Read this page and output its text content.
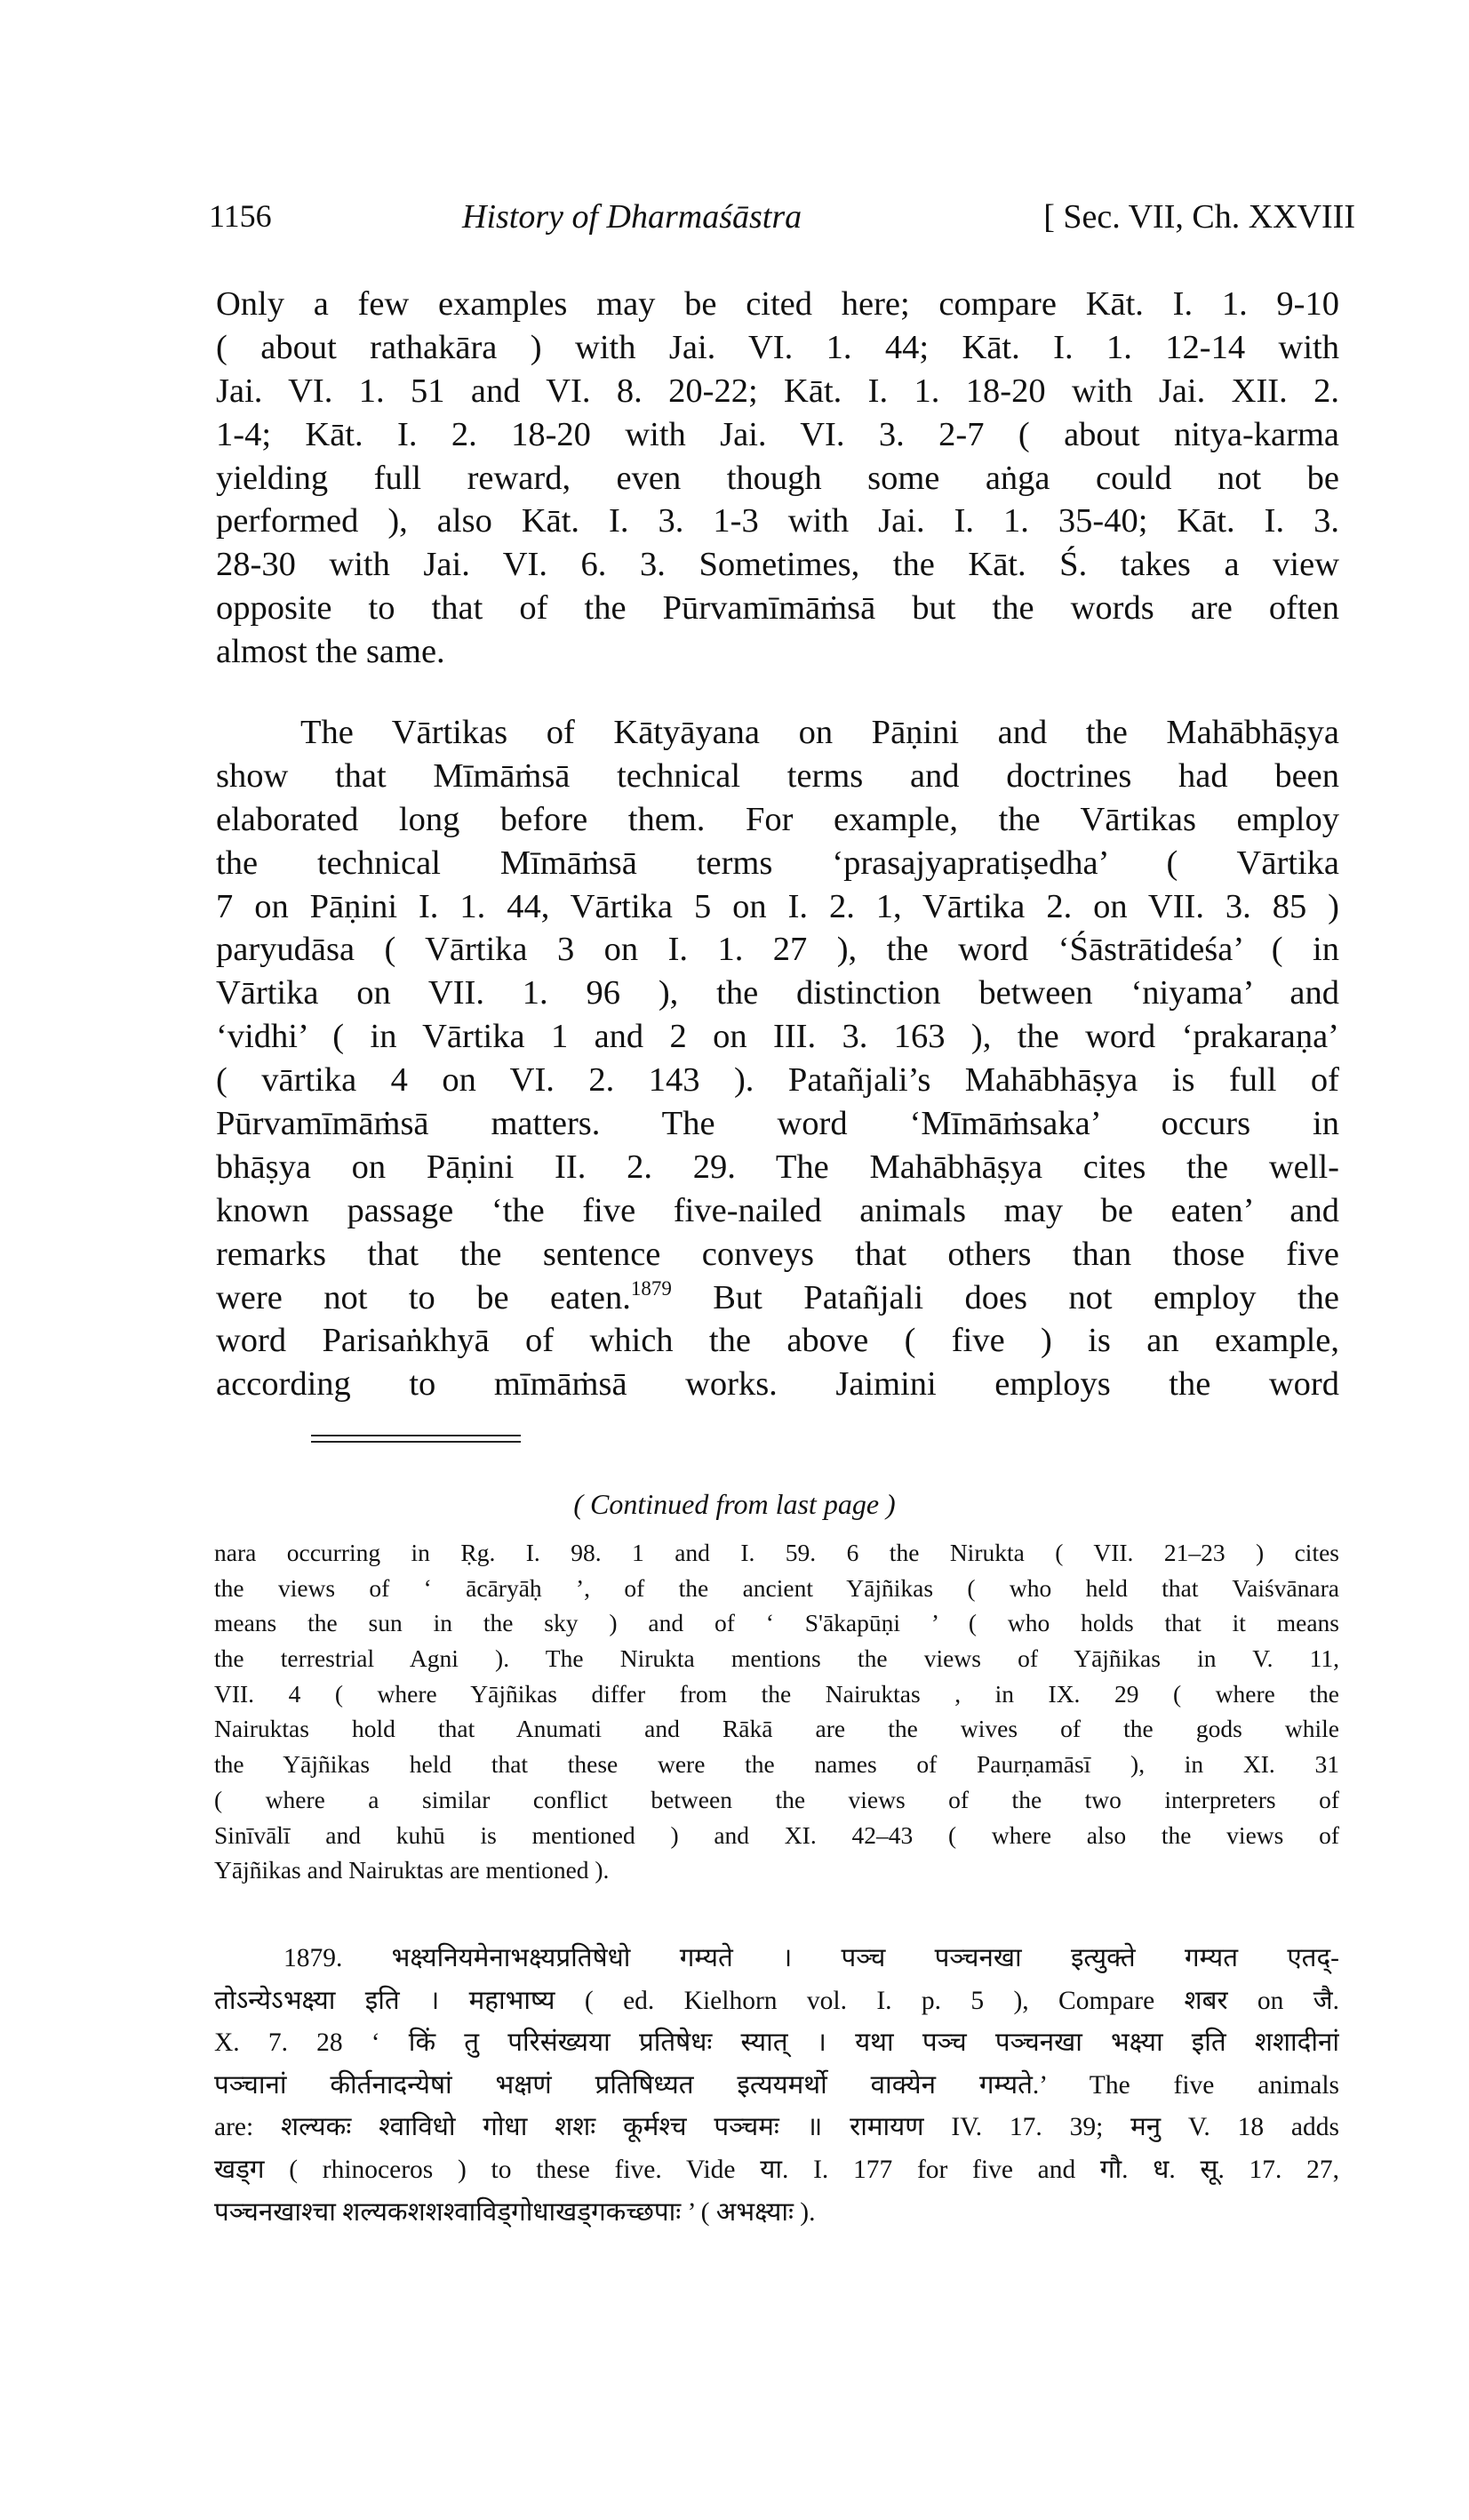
1156	History of Dharmaśāstra	[ Sec. VII, Ch. XXVIII
Only a few examples may be cited here; compare Kāt. I. 1. 9-10
( about rathakāra ) with Jai. VI. 1. 44; Kāt. I. 1. 12-14 with
Jai. VI. 1. 51 and VI. 8. 20-22; Kāt. I. 1. 18-20 with Jai. XII. 2.
1-4; Kāt. I. 2. 18-20 with Jai. VI. 3. 2-7 ( about nitya-karma
yielding full reward, even though some aṅga could not be
performed ), also Kāt. I. 3. 1-3 with Jai. I. 1. 35-40; Kāt. I. 3.
28-30 with Jai. VI. 6. 3. Sometimes, the Kāt. Ś. takes a view
opposite to that of the Pūrvamīmāṁsā but the words are often
almost the same.
The Vārtikas of Kātyāyana on Pāṇini and the Mahābhāṣya
show that Mīmāṁsā technical terms and doctrines had been
elaborated long before them. For example, the Vārtikas employ
the technical Mīmāṁsā terms ‘prasajyapratiṣedha’ ( Vārtika
7 on Pāṇini I. 1. 44, Vārtika 5 on I. 2. 1, Vārtika 2. on VII. 3. 85 )
paryudāsa ( Vārtika 3 on I. 1. 27 ), the word ‘Śāstrātideśa’ ( in
Vārtika on VII. 1. 96 ), the distinction between ‘niyama’ and
‘vidhi’ ( in Vārtika 1 and 2 on III. 3. 163 ), the word ‘prakaraṇa’
( vārtika 4 on VI. 2. 143 ). Patañjali’s Mahābhāṣya is full of
Pūrvamīmāṁsā matters. The word ‘Mīmāṁsaka’ occurs in
bhāṣya on Pāṇini II. 2. 29. The Mahābhāṣya cites the well-
known passage ‘the five five-nailed animals may be eaten’ and
remarks that the sentence conveys that others than those five
were not to be eaten.$^{1879}$ But Patañjali does not employ the
word Parisaṅkhyā of which the above ( five ) is an example,
according to mīmāṁsā works. Jaimini employs the word
( Continued from last page )
nara occurring in Ṛg. I. 98. 1 and I. 59. 6 the Nirukta ( VII. 21–23 ) cites
the views of ‘ ācāryāḥ ’, of the ancient Yājñikas ( who held that Vaiśvānara
means the sun in the sky ) and of ‘ S'ākapūṇi ’ ( who holds that it means
the terrestrial Agni ). The Nirukta mentions the views of Yājñikas in V. 11,
VII. 4 ( where Yājñikas differ from the Nairuktas , in IX. 29 ( where the
Nairuktas hold that Anumati and Rākā are the wives of the gods while
the Yājñikas held that these were the names of Paurṇamāsī ), in XI. 31
( where a similar conflict between the views of the two interpreters of
Sinīvālī and kuhū is mentioned ) and XI. 42–43 ( where also the views of
Yājñikas and Nairuktas are mentioned ).
1879. भक्ष्यनियमेनाभक्ष्यप्रतिषेधो गम्यते । पञ्च पञ्चनखा इत्युक्ते गम्यत एतद्-
तोऽन्येऽभक्ष्या इति । महाभाष्य ( ed. Kielhorn vol. I. p. 5 ), Compare शबर on जै.
X. 7. 28 ‘ किं तु परिसंख्यया प्रतिषेधः स्यात् । यथा पञ्च पञ्चनखा भक्ष्या इति शशादीनां
पञ्चानां कीर्तनादन्येषां भक्षणं प्रतिषिध्यत इत्ययमर्थो वाक्येन गम्यते.’ The five animals
are: शल्यकः श्वाविधो गोधा शशः कूर्मश्च पञ्चमः ॥ रामायण IV. 17. 39; मनु V. 18 adds
खड्ग ( rhinoceros ) to these five. Vide या. I. 177 for five and गौ. ध. सू. 17. 27,
पञ्चनखाश्चा शल्यकशशश्वाविड्गोधाखड्गकच्छपाः ’ ( अभक्ष्याः ).
